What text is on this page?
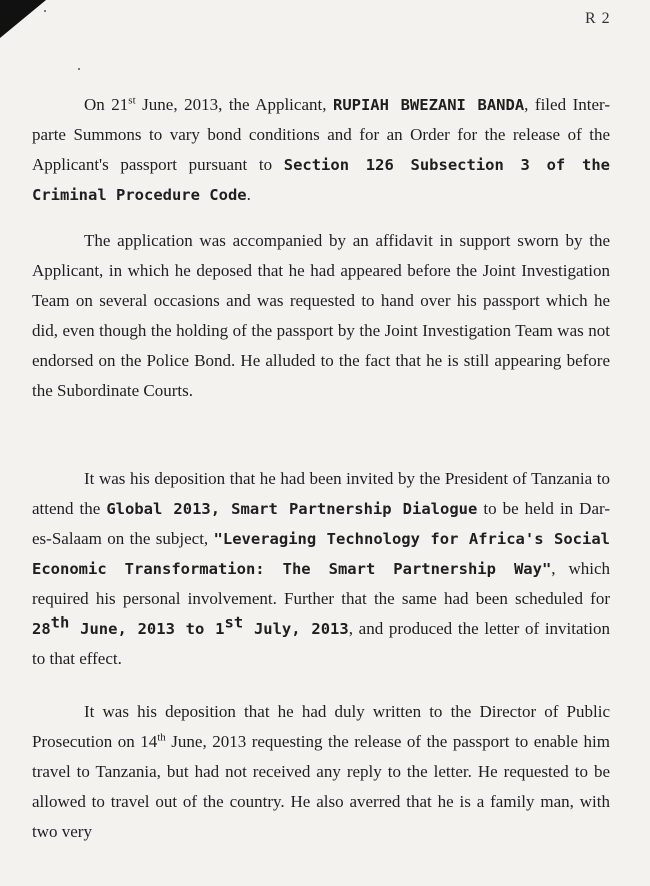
R 2

On 21st June, 2013, the Applicant, RUPIAH BWEZANI BANDA, filed Inter-parte Summons to vary bond conditions and for an Order for the release of the Applicant's passport pursuant to Section 126 Subsection 3 of the Criminal Procedure Code.

The application was accompanied by an affidavit in support sworn by the Applicant, in which he deposed that he had appeared before the Joint Investigation Team on several occasions and was requested to hand over his passport which he did, even though the holding of the passport by the Joint Investigation Team was not endorsed on the Police Bond. He alluded to the fact that he is still appearing before the Subordinate Courts.

It was his deposition that he had been invited by the President of Tanzania to attend the Global 2013, Smart Partnership Dialogue to be held in Dar-es-Salaam on the subject, "Leveraging Technology for Africa's Social Economic Transformation: The Smart Partnership Way", which required his personal involvement. Further that the same had been scheduled for 28th June, 2013 to 1st July, 2013, and produced the letter of invitation to that effect.

It was his deposition that he had duly written to the Director of Public Prosecution on 14th June, 2013 requesting the release of the passport to enable him travel to Tanzania, but had not received any reply to the letter. He requested to be allowed to travel out of the country. He also averred that he is a family man, with two very
